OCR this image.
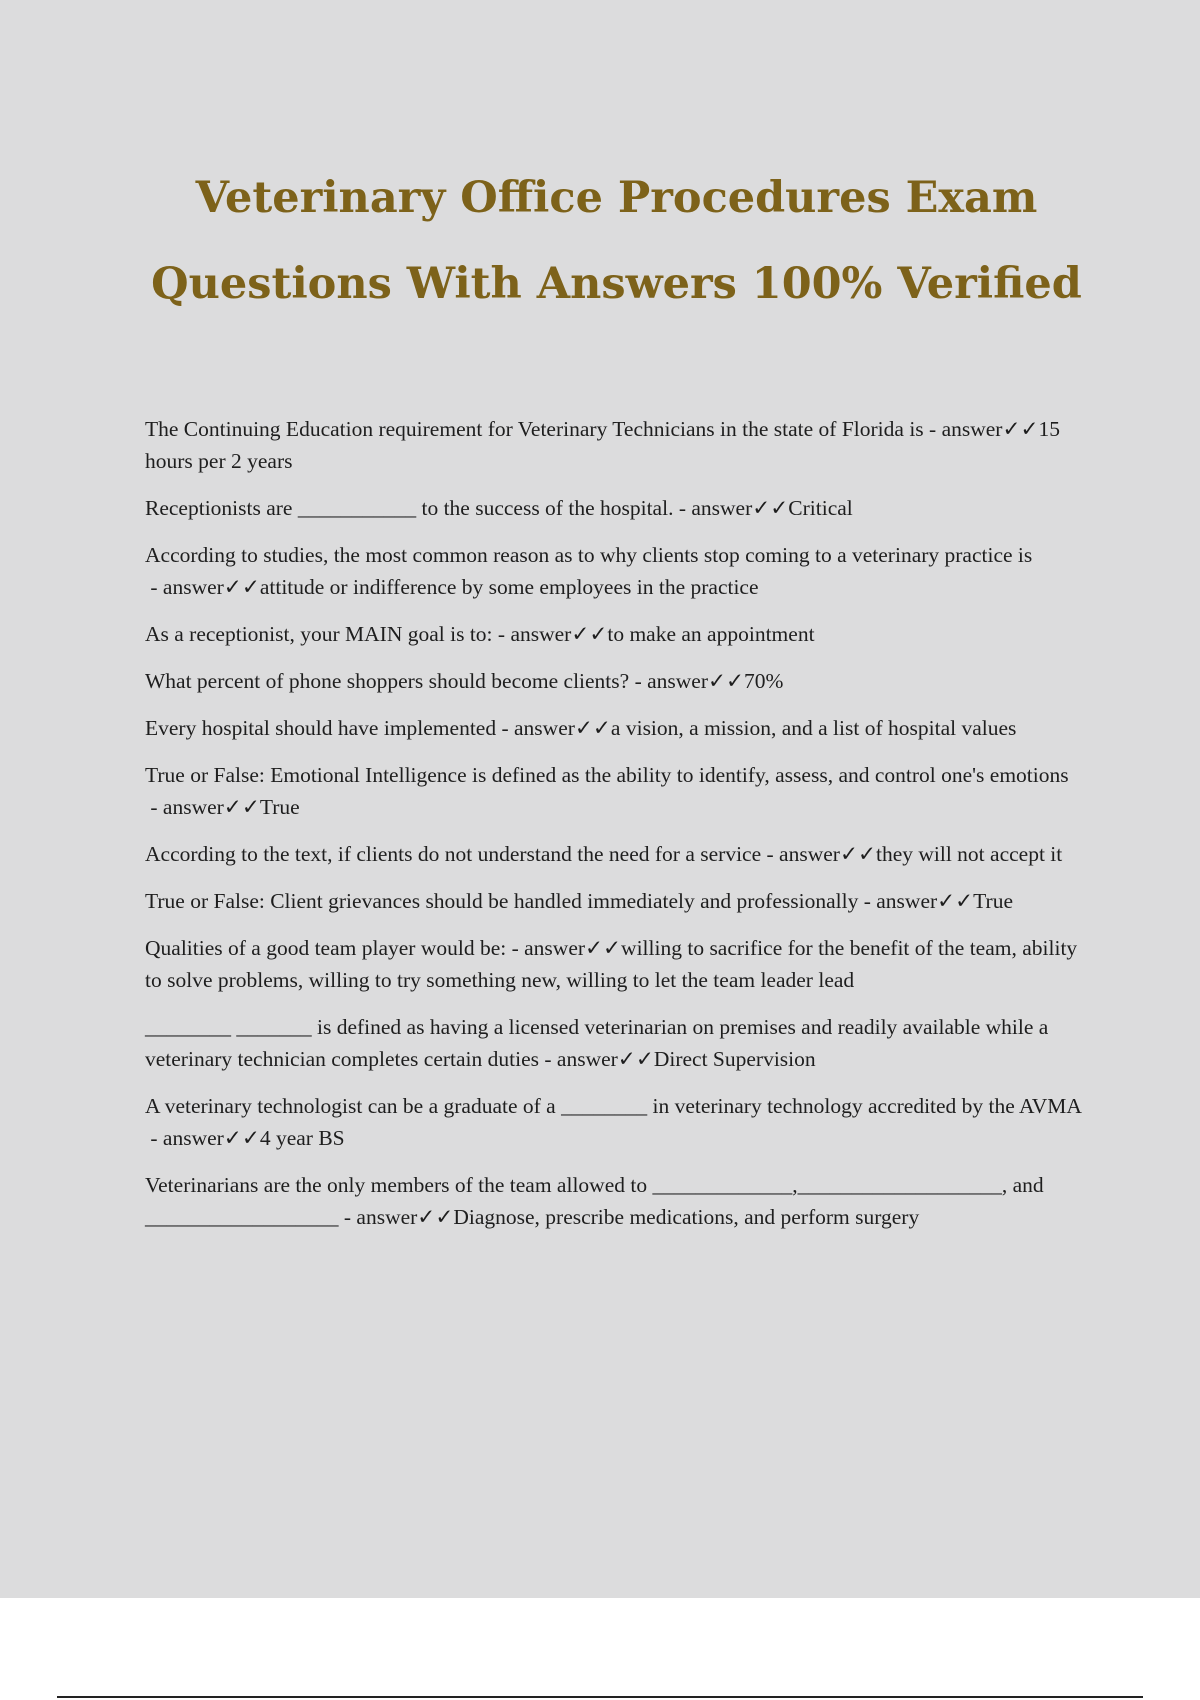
Veterinary Office Procedures Exam
Questions With Answers 100% Verified
The Continuing Education requirement for Veterinary Technicians in the state of Florida is - answer✓✓15 hours per 2 years
Receptionists are ___________ to the success of the hospital. - answer✓✓Critical
According to studies, the most common reason as to why clients stop coming to a veterinary practice is - answer✓✓attitude or indifference by some employees in the practice
As a receptionist, your MAIN goal is to: - answer✓✓to make an appointment
What percent of phone shoppers should become clients? - answer✓✓70%
Every hospital should have implemented - answer✓✓a vision, a mission, and a list of hospital values
True or False: Emotional Intelligence is defined as the ability to identify, assess, and control one's emotions - answer✓✓True
According to the text, if clients do not understand the need for a service - answer✓✓they will not accept it
True or False: Client grievances should be handled immediately and professionally - answer✓✓True
Qualities of a good team player would be: - answer✓✓willing to sacrifice for the benefit of the team, ability to solve problems, willing to try something new, willing to let the team leader lead
________ _______ is defined as having a licensed veterinarian on premises and readily available while a veterinary technician completes certain duties - answer✓✓Direct Supervision
A veterinary technologist can be a graduate of a ________ in veterinary technology accredited by the AVMA - answer✓✓4 year BS
Veterinarians are the only members of the team allowed to _____________,___________________, and __________________ - answer✓✓Diagnose, prescribe medications, and perform surgery
